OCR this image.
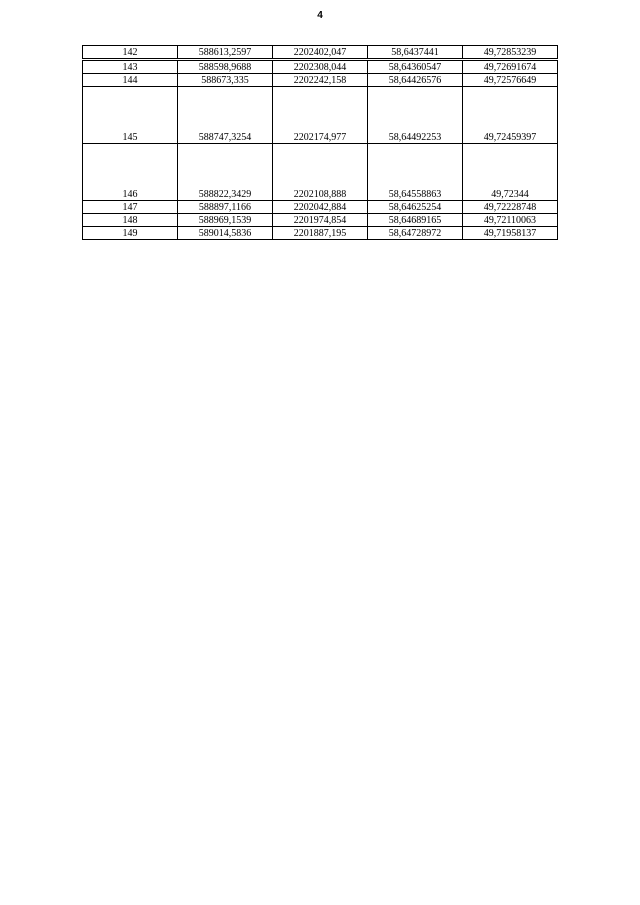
4
142	588613,2597	2202402,047	58,6437441	49,72853239
143	588598,9688	2202308,044	58,64360547	49,72691674
144	588673,335	2202242,158	58,64426576	49,72576649
145	588747,3254	2202174,977	58,64492253	49,72459397
146	588822,3429	2202108,888	58,64558863	49,72344
147	588897,1166	2202042,884	58,64625254	49,72228748
148	588969,1539	2201974,854	58,64689165	49,72110063
149	589014,5836	2201887,195	58,64728972	49,71958137
